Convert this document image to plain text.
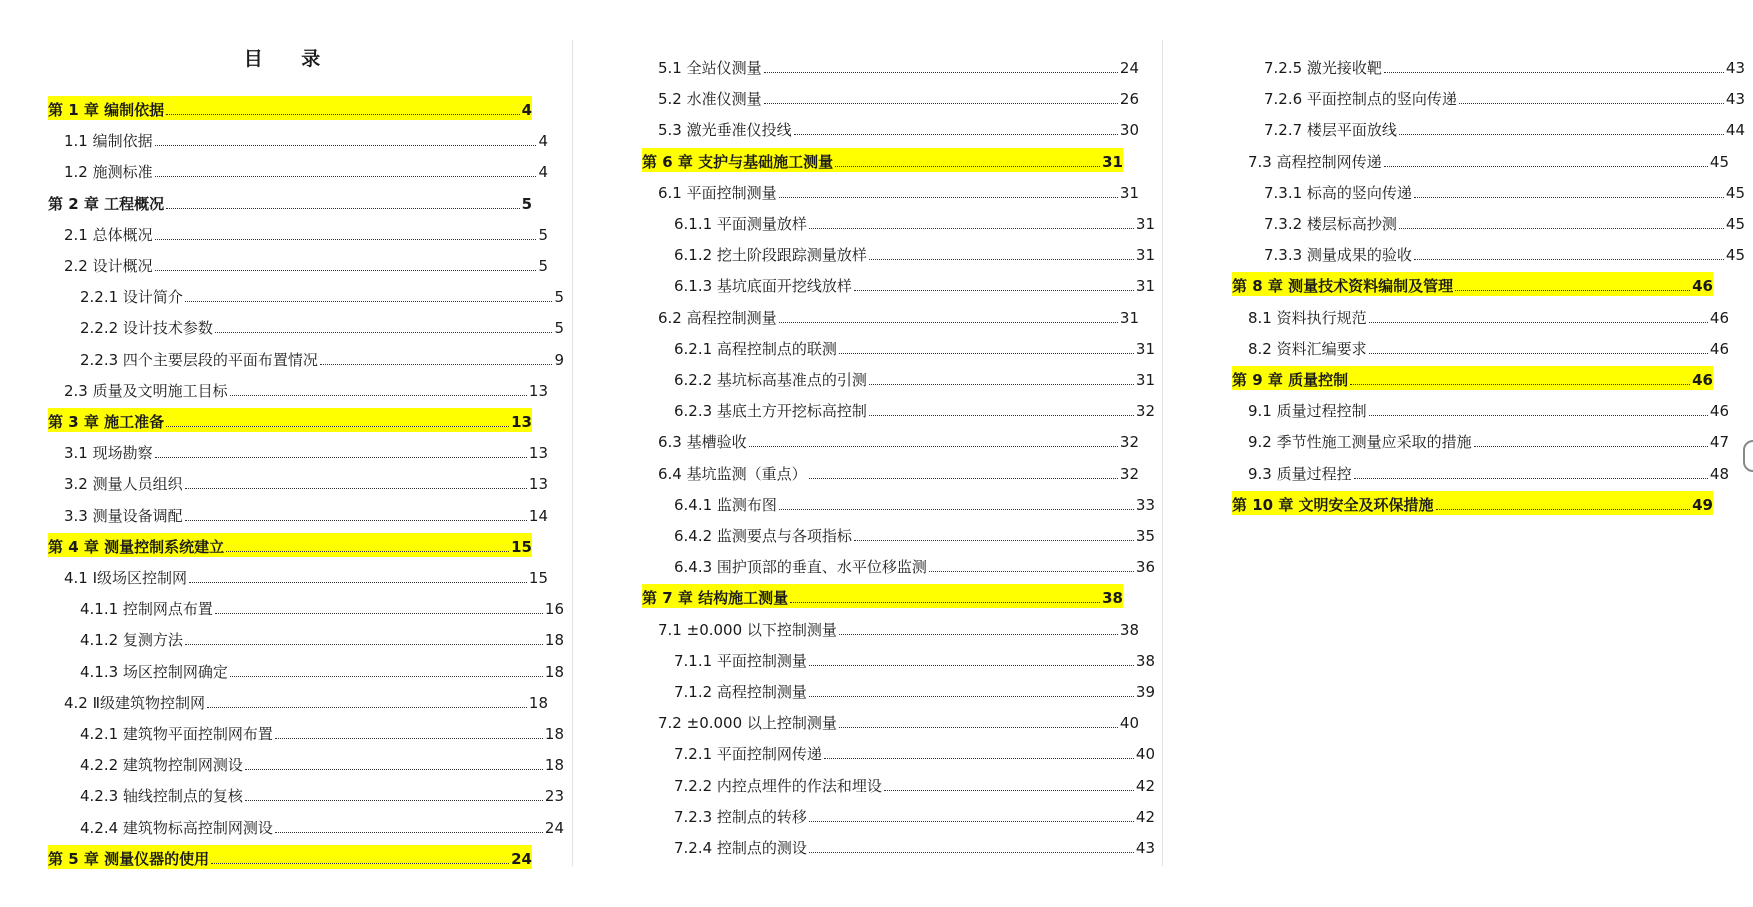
目 录
第 1 章 编制依据	4
1.1 编制依据	4
1.2 施测标准	4
第 2 章 工程概况	5
2.1 总体概况	5
2.2 设计概况	5
2.2.1 设计简介	5
2.2.2 设计技术参数	5
2.2.3 四个主要层段的平面布置情况	9
2.3 质量及文明施工目标	13
第 3 章 施工准备	13
3.1 现场勘察	13
3.2 测量人员组织	13
3.3 测量设备调配	14
第 4 章 测量控制系统建立	15
4.1 Ⅰ级场区控制网	15
4.1.1 控制网点布置	16
4.1.2 复测方法	18
4.1.3 场区控制网确定	18
4.2 Ⅱ级建筑物控制网	18
4.2.1 建筑物平面控制网布置	18
4.2.2 建筑物控制网测设	18
4.2.3 轴线控制点的复核	23
4.2.4 建筑物标高控制网测设	24
第 5 章 测量仪器的使用	24
5.1 全站仪测量	24
5.2 水准仪测量	26
5.3 激光垂准仪投线	30
第 6 章 支护与基础施工测量	31
6.1 平面控制测量	31
6.1.1 平面测量放样	31
6.1.2 挖土阶段跟踪测量放样	31
6.1.3 基坑底面开挖线放样	31
6.2 高程控制测量	31
6.2.1 高程控制点的联测	31
6.2.2 基坑标高基准点的引测	31
6.2.3 基底土方开挖标高控制	32
6.3 基槽验收	32
6.4 基坑监测（重点）	32
6.4.1 监测布图	33
6.4.2 监测要点与各项指标	35
6.4.3 围护顶部的垂直、水平位移监测	36
第 7 章 结构施工测量	38
7.1 ±0.000 以下控制测量	38
7.1.1 平面控制测量	38
7.1.2 高程控制测量	39
7.2 ±0.000 以上控制测量	40
7.2.1 平面控制网传递	40
7.2.2 内控点埋件的作法和埋设	42
7.2.3 控制点的转移	42
7.2.4 控制点的测设	43
7.2.5 激光接收靶	43
7.2.6 平面控制点的竖向传递	43
7.2.7 楼层平面放线	44
7.3 高程控制网传递	45
7.3.1 标高的竖向传递	45
7.3.2 楼层标高抄测	45
7.3.3 测量成果的验收	45
第 8 章 测量技术资料编制及管理	46
8.1 资料执行规范	46
8.2 资料汇编要求	46
第 9 章 质量控制	46
9.1 质量过程控制	46
9.2 季节性施工测量应采取的措施	47
9.3 质量过程控	48
第 10 章 文明安全及环保措施	49
